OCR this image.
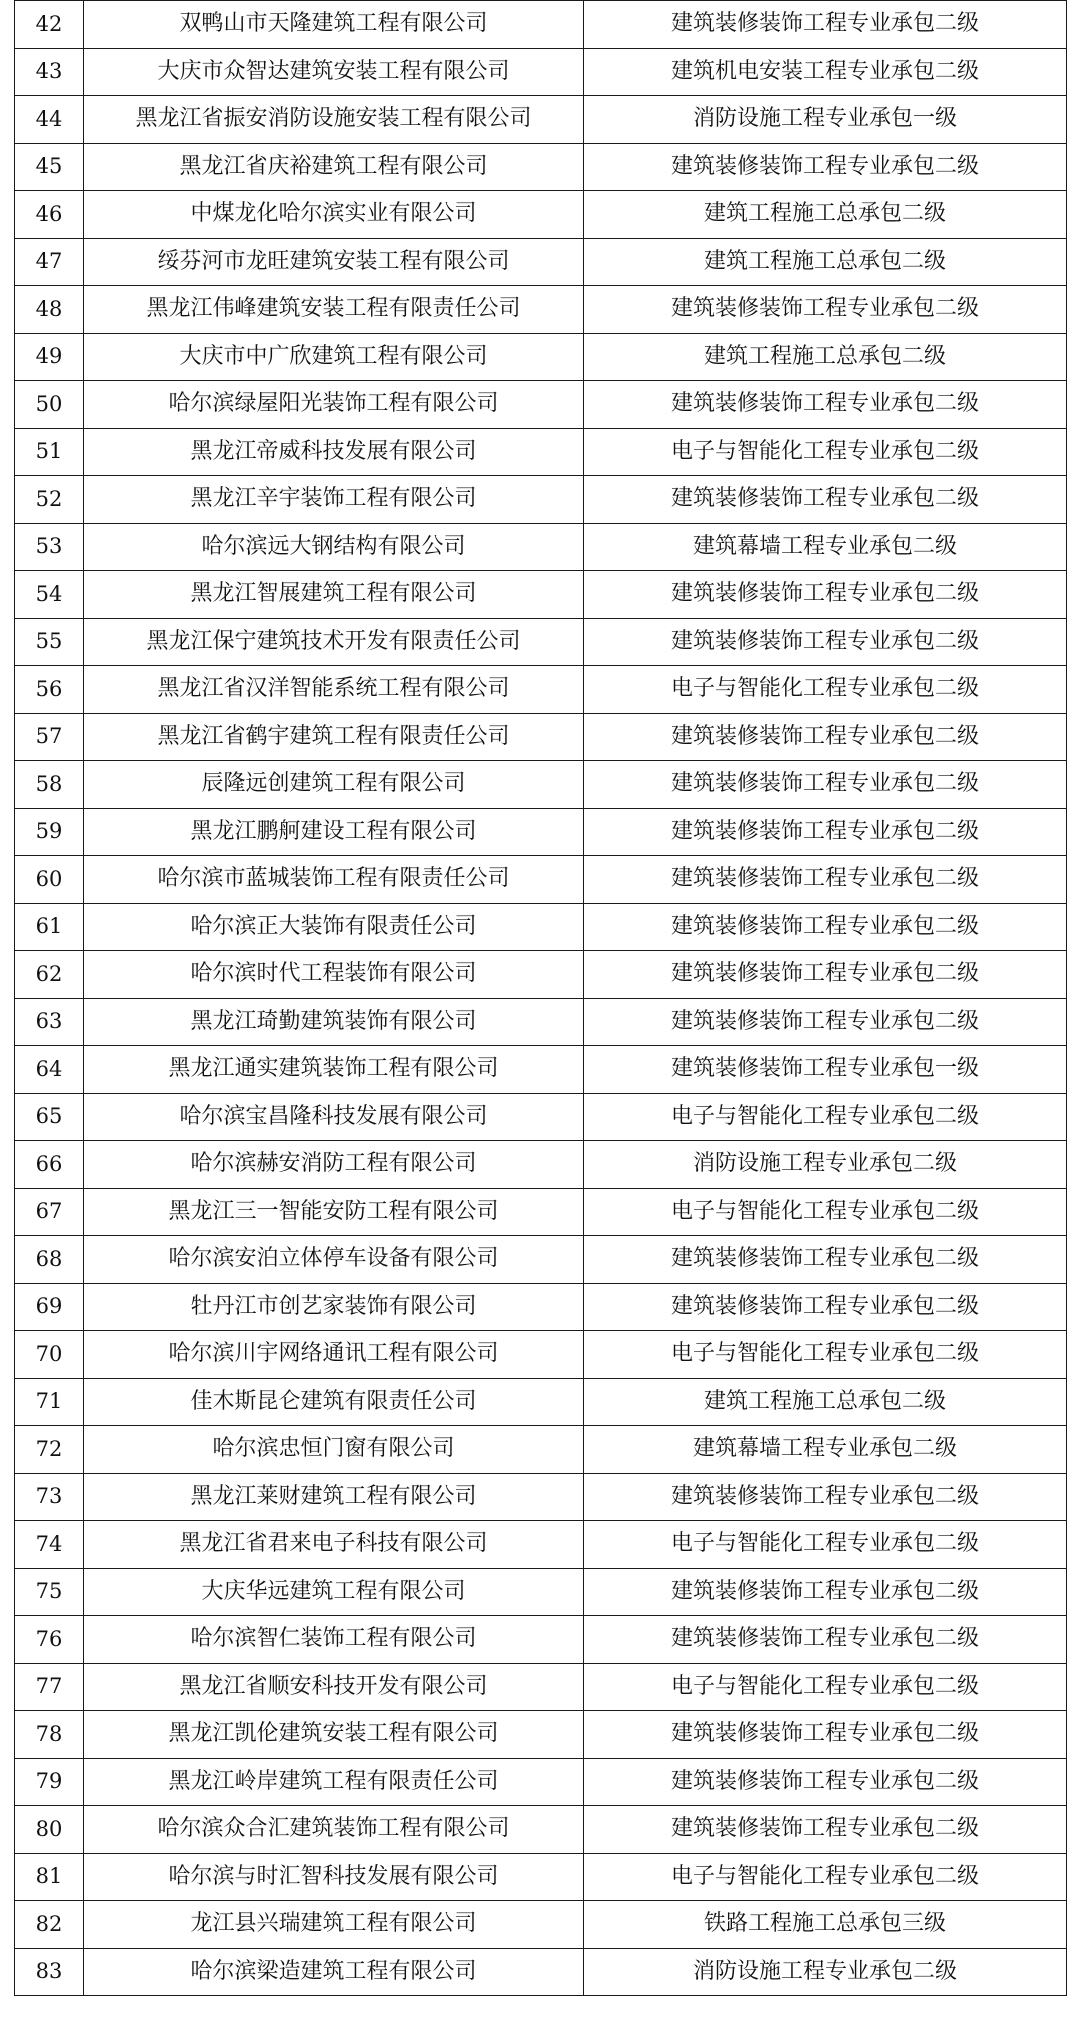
42	双鸭山市天隆建筑工程有限公司	建筑装修装饰工程专业承包二级
43	大庆市众智达建筑安装工程有限公司	建筑机电安装工程专业承包二级
44	黑龙江省振安消防设施安装工程有限公司	消防设施工程专业承包一级
45	黑龙江省庆裕建筑工程有限公司	建筑装修装饰工程专业承包二级
46	中煤龙化哈尔滨实业有限公司	建筑工程施工总承包二级
47	绥芬河市龙旺建筑安装工程有限公司	建筑工程施工总承包二级
48	黑龙江伟峰建筑安装工程有限责任公司	建筑装修装饰工程专业承包二级
49	大庆市中广欣建筑工程有限公司	建筑工程施工总承包二级
50	哈尔滨绿屋阳光装饰工程有限公司	建筑装修装饰工程专业承包二级
51	黑龙江帝威科技发展有限公司	电子与智能化工程专业承包二级
52	黑龙江辛宇装饰工程有限公司	建筑装修装饰工程专业承包二级
53	哈尔滨远大钢结构有限公司	建筑幕墙工程专业承包二级
54	黑龙江智展建筑工程有限公司	建筑装修装饰工程专业承包二级
55	黑龙江保宁建筑技术开发有限责任公司	建筑装修装饰工程专业承包二级
56	黑龙江省汉洋智能系统工程有限公司	电子与智能化工程专业承包二级
57	黑龙江省鹤宇建筑工程有限责任公司	建筑装修装饰工程专业承包二级
58	辰隆远创建筑工程有限公司	建筑装修装饰工程专业承包二级
59	黑龙江鹏舸建设工程有限公司	建筑装修装饰工程专业承包二级
60	哈尔滨市蓝城装饰工程有限责任公司	建筑装修装饰工程专业承包二级
61	哈尔滨正大装饰有限责任公司	建筑装修装饰工程专业承包二级
62	哈尔滨时代工程装饰有限公司	建筑装修装饰工程专业承包二级
63	黑龙江琦勤建筑装饰有限公司	建筑装修装饰工程专业承包二级
64	黑龙江通实建筑装饰工程有限公司	建筑装修装饰工程专业承包一级
65	哈尔滨宝昌隆科技发展有限公司	电子与智能化工程专业承包二级
66	哈尔滨赫安消防工程有限公司	消防设施工程专业承包二级
67	黑龙江三一智能安防工程有限公司	电子与智能化工程专业承包二级
68	哈尔滨安泊立体停车设备有限公司	建筑装修装饰工程专业承包二级
69	牡丹江市创艺家装饰有限公司	建筑装修装饰工程专业承包二级
70	哈尔滨川宇网络通讯工程有限公司	电子与智能化工程专业承包二级
71	佳木斯昆仑建筑有限责任公司	建筑工程施工总承包二级
72	哈尔滨忠恒门窗有限公司	建筑幕墙工程专业承包二级
73	黑龙江莱财建筑工程有限公司	建筑装修装饰工程专业承包二级
74	黑龙江省君来电子科技有限公司	电子与智能化工程专业承包二级
75	大庆华远建筑工程有限公司	建筑装修装饰工程专业承包二级
76	哈尔滨智仁装饰工程有限公司	建筑装修装饰工程专业承包二级
77	黑龙江省顺安科技开发有限公司	电子与智能化工程专业承包二级
78	黑龙江凯伦建筑安装工程有限公司	建筑装修装饰工程专业承包二级
79	黑龙江岭岸建筑工程有限责任公司	建筑装修装饰工程专业承包二级
80	哈尔滨众合汇建筑装饰工程有限公司	建筑装修装饰工程专业承包二级
81	哈尔滨与时汇智科技发展有限公司	电子与智能化工程专业承包二级
82	龙江县兴瑞建筑工程有限公司	铁路工程施工总承包三级
83	哈尔滨梁造建筑工程有限公司	消防设施工程专业承包二级
